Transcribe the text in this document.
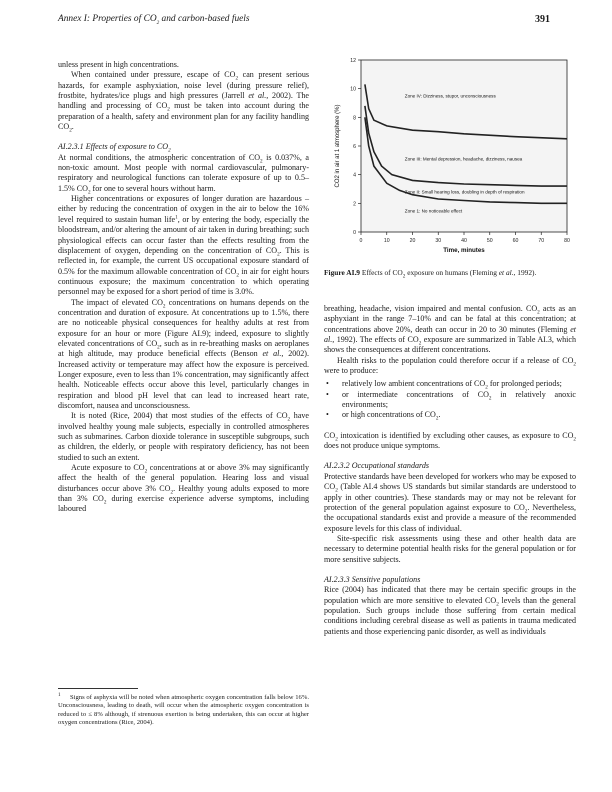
Annex I: Properties of $CO_2$ and carbon-based fuels	391

unless present in high concentrations.

When contained under pressure, escape of $CO_2$ can present serious hazards, for example asphyxiation, noise level (during pressure relief), frostbite, hydrates/ice plugs and high pressures (Jarrell et al., 2002). The handling and processing of $CO_2$ must be taken into account during the preparation of a health, safety and environment plan for any facility handling $CO_2$.

AI.2.3.1 Effects of exposure to $CO_2$

At normal conditions, the atmospheric concentration of $CO_2$ is 0.037%, a non-toxic amount. Most people with normal cardiovascular, pulmonary-respiratory and neurological functions can tolerate exposure of up to 0.5–1.5% $CO_2$ for one to several hours without harm.

Higher concentrations or exposures of longer duration are hazardous – either by reducing the concentration of oxygen in the air to below the 16% level required to sustain human life$^1$, or by entering the body, especially the bloodstream, and/or altering the amount of air taken in during breathing; such physiological effects can occur faster than the effects resulting from the displacement of oxygen, depending on the concentration of $CO_2$. This is reflected in, for example, the current US occupational exposure standard of 0.5% for the maximum allowable concentration of $CO_2$ in air for eight hours continuous exposure; the maximum concentration to which operating personnel may be exposed for a short period of time is 3.0%.

The impact of elevated $CO_2$ concentrations on humans depends on the concentration and duration of exposure. At concentrations up to 1.5%, there are no noticeable physical consequences for healthy adults at rest from exposure for an hour or more (Figure AI.9); indeed, exposure to slightly elevated concentrations of $CO_2$, such as in re-breathing masks on aeroplanes at high altitude, may produce beneficial effects (Benson et al., 2002). Increased activity or temperature may affect how the exposure is perceived. Longer exposure, even to less than 1% concentration, may significantly affect health. Noticeable effects occur above this level, particularly changes in respiration and blood pH level that can lead to increased heart rate, discomfort, nausea and unconsciousness.

It is noted (Rice, 2004) that most studies of the effects of $CO_2$ have involved healthy young male subjects, especially in controlled atmospheres such as submarines. Carbon dioxide tolerance in susceptible subgroups, such as children, the elderly, or people with respiratory deficiency, has not been studied to such an extent.

Acute exposure to $CO_2$ concentrations at or above 3% may significantly affect the health of the general population. Hearing loss and visual disturbances occur above 3% $CO_2$. Healthy young adults exposed to more than 3% $CO_2$ during exercise experience adverse symptoms, including laboured

1 Signs of asphyxia will be noted when atmospheric oxygen concentration falls below 16%. Unconsciousness, leading to death, will occur when the atmospheric oxygen concentration is reduced to ≤ 8% although, if strenuous exertion is being undertaken, this can occur at higher oxygen concentrations (Rice, 2004).
0
2
4
6
8
10
12
0	10	20	30	40	50	60	70	80
Zone IV: Dizziness, stupor, unconsciousness
Zone III: Mental depression, headache, dizziness, nausea
Zone II: Small hearing loss, doubling in depth of respiration
Zone 1: No noticeable effect
Time, minutes
CO2 in air at 1 atmosphere (%)
Figure AI.9 Effects of $CO_2$ exposure on humans (Fleming et al., 1992).

breathing, headache, vision impaired and mental confusion. $CO_2$ acts as an asphyxiant in the range 7–10% and can be fatal at this concentration; at concentrations above 20%, death can occur in 20 to 30 minutes (Fleming et al., 1992). The effects of $CO_2$ exposure are summarized in Table AI.3, which shows the consequences at different concentrations.

Health risks to the population could therefore occur if a release of $CO_2$ were to produce:

• relatively low ambient concentrations of $CO_2$ for prolonged periods;
• or intermediate concentrations of $CO_2$ in relatively anoxic environments;
• or high concentrations of $CO_2$.

$CO_2$ intoxication is identified by excluding other causes, as exposure to $CO_2$ does not produce unique symptoms.

AI.2.3.2 Occupational standards

Protective standards have been developed for workers who may be exposed to $CO_2$ (Table AI.4 shows US standards but similar standards are understood to apply in other countries). These standards may or may not be relevant for protection of the general population against exposure to $CO_2$. Nevertheless, the occupational standards exist and provide a measure of the recommended exposure levels for this class of individual.

Site-specific risk assessments using these and other health data are necessary to determine potential health risks for the general population or for more sensitive subjects.

AI.2.3.3 Sensitive populations

Rice (2004) has indicated that there may be certain specific groups in the population which are more sensitive to elevated $CO_2$ levels than the general population. Such groups include those suffering from certain medical conditions including cerebral disease as well as patients in trauma medicated patients and those experiencing panic disorder, as well as individuals
